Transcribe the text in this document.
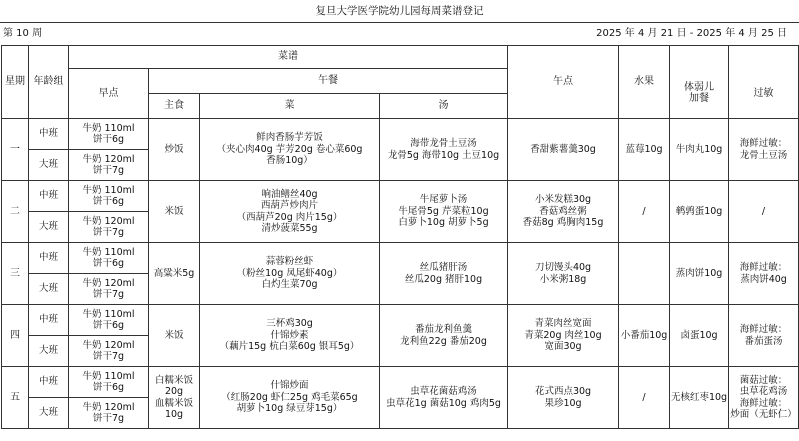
复旦大学医学院幼儿园每周菜谱登记
第 10 周	2025 年 4 月 21 日 - 2025 年 4 月 25 日
星期	年龄组	菜谱				午点	水果		
		早点	午餐					体弱儿
加餐	过敏
			主食	菜	汤				
一	中班	牛奶 110ml
饼干6g	炒饭	鲜肉香肠芋芳饭
（夹心肉40g 芋芳20g 卷心菜60g
香肠10g）	海带龙骨土豆汤
龙骨5g 海带10g 土豆10g	香甜紫薯羹30g	蓝莓10g	牛肉丸10g	海鲜过敏：
龙骨土豆汤
	大班	牛奶 120ml
饼干7g							
二	中班	牛奶 110ml
饼干6g	米饭	响油鳝丝40g
西葫芦炒肉片
（西葫芦20g 肉片15g）
清炒菠菜55g	牛尾萝卜汤
牛尾骨5g 芹菜粒10g
白萝卜10g 胡萝卜5g	小米发糕30g
香菇鸡丝粥
香菇8g 鸡胸肉15g	/	鹌鹑蛋10g	/
	大班	牛奶 120ml
饼干7g							
三	中班	牛奶 110ml
饼干6g	高粱米5g	蒜蓉粉丝虾
（粉丝10g 凤尾虾40g）
白灼生菜70g	丝瓜猪肝汤
丝瓜20g 猪肝10g	刀切馒头40g
小米粥18g		蒸肉饼10g	海鲜过敏：
蒸肉饼40g
	大班	牛奶 120ml
饼干7g							
四	中班	牛奶 110ml
饼干6g	米饭	三杯鸡30g
什锦炒素
（藕片15g 杭白菜60g 银耳5g）	番茄龙利鱼羹
龙利鱼22g 番茄20g	青菜肉丝宽面
青菜20g 肉丝10g
宽面30g	小番茄10g	卤蛋10g	海鲜过敏：
番茄蛋汤
	大班	牛奶 120ml
饼干7g							
五	中班	牛奶 110ml
饼干6g	白糯米饭
20g
血糯米饭
10g	什锦炒面
（红肠20g 虾仁25g 鸡毛菜65g
胡萝卜10g 绿豆芽15g）	虫草花菌菇鸡汤
虫草花1g 菌菇10g 鸡肉5g	花式西点30g
果珍10g	/	无核红枣10g	菌菇过敏：
虫草花鸡汤
海鲜过敏：
炒面（无虾仁）
	大班	牛奶 120ml
饼干7g							
